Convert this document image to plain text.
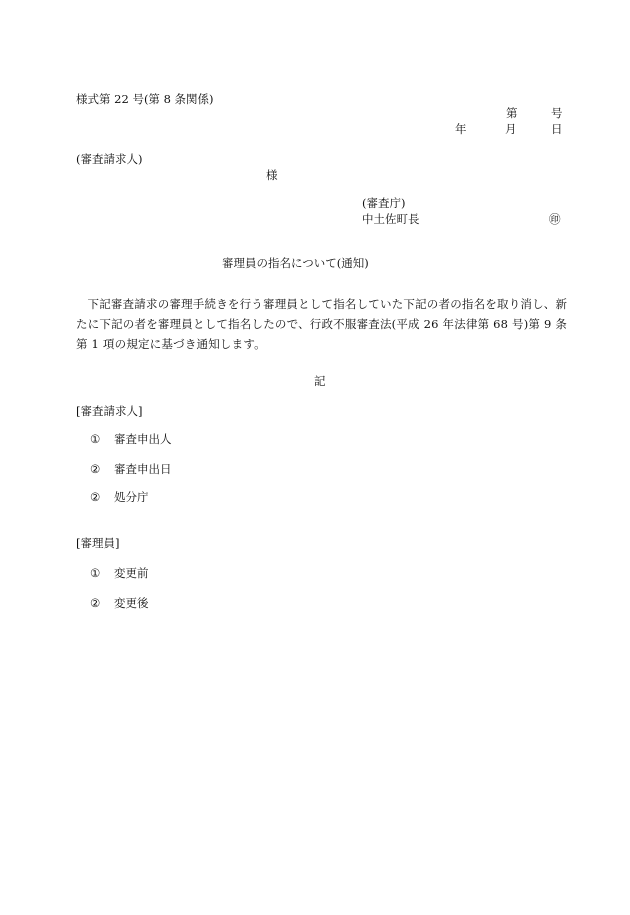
様式第 22 号(第 8 条関係)
第	号
年	月	日
(審査請求人)
様
(審査庁)
中土佐町長	㊞
審理員の指名について(通知)
下記審査請求の審理手続きを行う審理員として指名していた下記の者の指名を取り消し、新たに下記の者を審理員として指名したので、行政不服審査法(平成 26 年法律第 68 号)第 9 条第 1 項の規定に基づき通知します。
記
[審査請求人]
① 審査申出人
② 審査申出日
② 処分庁
[審理員]
① 変更前
② 変更後
